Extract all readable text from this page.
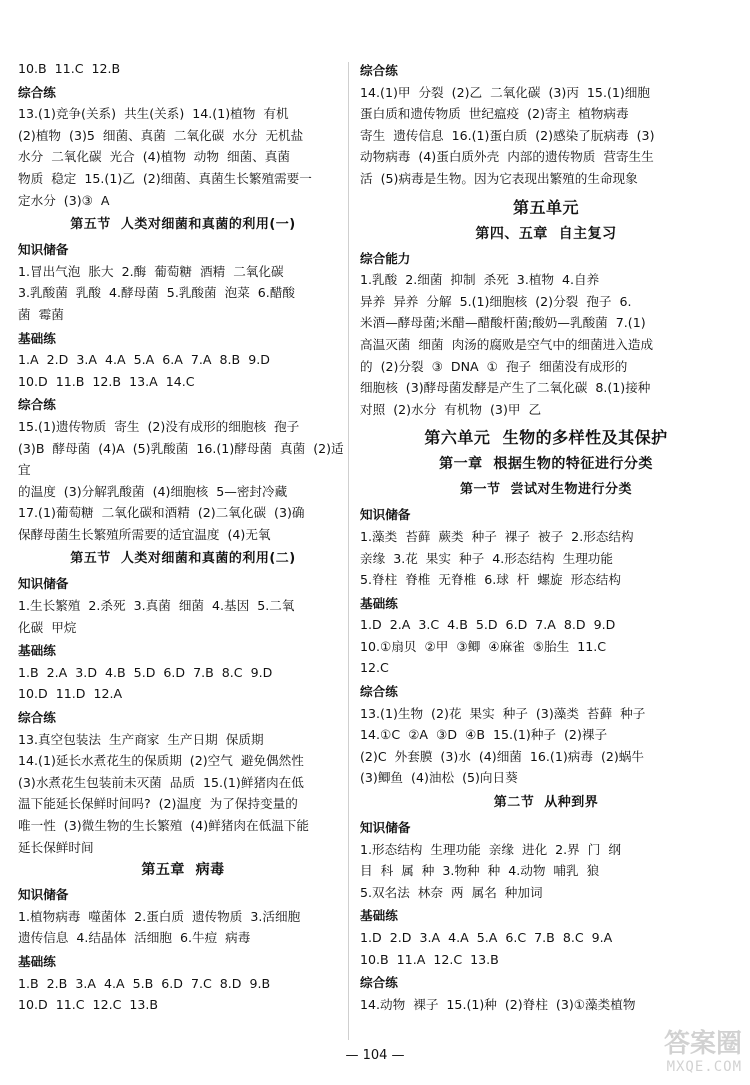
10.B  11.C  12.B
综合练
13.(1)竞争(关系)  共生(关系)  14.(1)植物  有机
(2)植物  (3)5  细菌、真菌  二氧化碳  水分  无机盐
水分  二氧化碳  光合  (4)植物  动物  细菌、真菌
物质  稳定  15.(1)乙  (2)细菌、真菌生长繁殖需要一
定水分  (3)③  A
第五节  人类对细菌和真菌的利用(一)
知识储备
1.冒出气泡  胀大  2.酶  葡萄糖  酒精  二氧化碳
3.乳酸菌  乳酸  4.酵母菌  5.乳酸菌  泡菜  6.醋酸
菌  霉菌
基础练
1.A  2.D  3.A  4.A  5.A  6.A  7.A  8.B  9.D
10.D  11.B  12.B  13.A  14.C
综合练
15.(1)遗传物质  寄生  (2)没有成形的细胞核  孢子
(3)B  酵母菌  (4)A  (5)乳酸菌  16.(1)酵母菌  真菌  (2)适宜
的温度  (3)分解乳酸菌  (4)细胞核  5—密封冷藏
17.(1)葡萄糖  二氧化碳和酒精  (2)二氧化碳  (3)确
保酵母菌生长繁殖所需要的适宜温度  (4)无氧
第五节  人类对细菌和真菌的利用(二)
知识储备
1.生长繁殖  2.杀死  3.真菌  细菌  4.基因  5.二氧
化碳  甲烷
基础练
1.B  2.A  3.D  4.B  5.D  6.D  7.B  8.C  9.D
10.D  11.D  12.A
综合练
13.真空包装法  生产商家  生产日期  保质期
14.(1)延长水煮花生的保质期  (2)空气  避免偶然性
(3)水煮花生包装前未灭菌  品质  15.(1)鲜猪肉在低
温下能延长保鲜时间吗?  (2)温度  为了保持变量的
唯一性  (3)微生物的生长繁殖  (4)鲜猪肉在低温下能
延长保鲜时间
第五章  病毒
知识储备
1.植物病毒  噬菌体  2.蛋白质  遗传物质  3.活细胞
遗传信息  4.结晶体  活细胞  6.牛痘  病毒
基础练
1.B  2.B  3.A  4.A  5.B  6.D  7.C  8.D  9.B
10.D  11.C  12.C  13.B
综合练
14.(1)甲  分裂  (2)乙  二氧化碳  (3)丙  15.(1)细胞
蛋白质和遗传物质  世纪瘟疫  (2)寄主  植物病毒
寄生  遗传信息  16.(1)蛋白质  (2)感染了朊病毒  (3)
动物病毒  (4)蛋白质外壳  内部的遗传物质  营寄生生
活  (5)病毒是生物。因为它表现出繁殖的生命现象
第五单元
第四、五章  自主复习
综合能力
1.乳酸  2.细菌  抑制  杀死  3.植物  4.自养
异养  异养  分解  5.(1)细胞核  (2)分裂  孢子  6.
米酒—酵母菌;米醋—醋酸杆菌;酸奶—乳酸菌  7.(1)
高温灭菌  细菌  肉汤的腐败是空气中的细菌进入造成
的  (2)分裂  ③  DNA  ①  孢子  细菌没有成形的
细胞核  (3)酵母菌发酵是产生了二氧化碳  8.(1)接种
对照  (2)水分  有机物  (3)甲  乙
第六单元  生物的多样性及其保护
第一章  根据生物的特征进行分类
第一节  尝试对生物进行分类
知识储备
1.藻类  苔藓  蕨类  种子  裸子  被子  2.形态结构
亲缘  3.花  果实  种子  4.形态结构  生理功能
5.脊柱  脊椎  无脊椎  6.球  杆  螺旋  形态结构
基础练
1.D  2.A  3.C  4.B  5.D  6.D  7.A  8.D  9.D
10.①扇贝  ②甲  ③鲫  ④麻雀  ⑤胎生  11.C
12.C
综合练
13.(1)生物  (2)花  果实  种子  (3)藻类  苔藓  种子
14.①C  ②A  ③D  ④B  15.(1)种子  (2)裸子
(2)C  外套膜  (3)水  (4)细菌  16.(1)病毒  (2)蜗牛
(3)鲫鱼  (4)油松  (5)向日葵
第二节  从种到界
知识储备
1.形态结构  生理功能  亲缘  进化  2.界  门  纲
目  科  属  种  3.物种  种  4.动物  哺乳  狼
5.双名法  林奈  两  属名  种加词
基础练
1.D  2.D  3.A  4.A  5.A  6.C  7.B  8.C  9.A
10.B  11.A  12.C  13.B
综合练
14.动物  裸子  15.(1)种  (2)脊柱  (3)①藻类植物
— 104 —	答案圈
MXQE.COM
